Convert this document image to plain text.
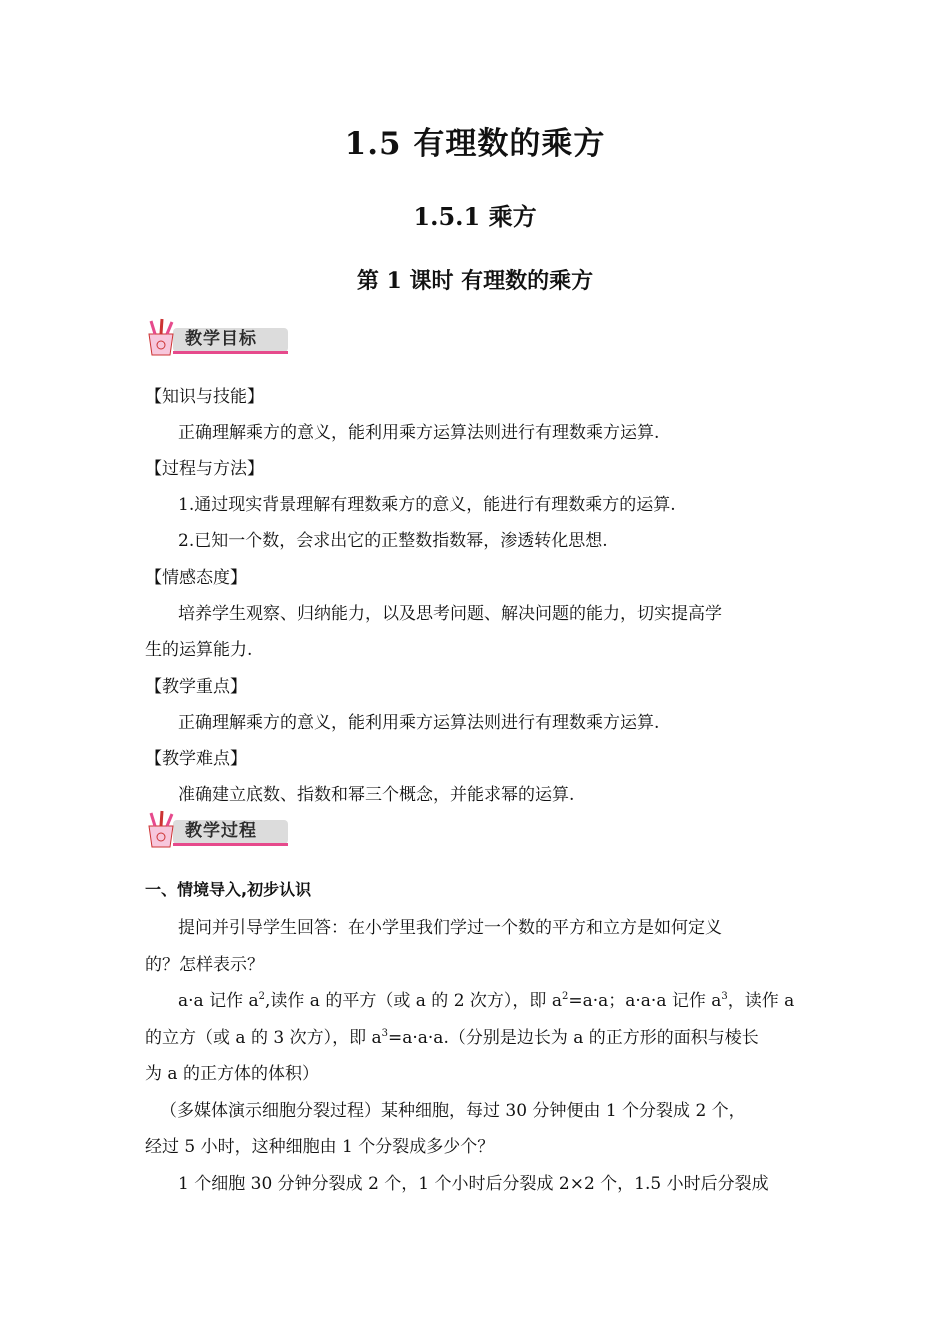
1.5 有理数的乘方
1.5.1 乘方
第 1 课时 有理数的乘方
教学目标
【知识与技能】
正确理解乘方的意义，能利用乘方运算法则进行有理数乘方运算.
【过程与方法】
1.通过现实背景理解有理数乘方的意义，能进行有理数乘方的运算.
2.已知一个数，会求出它的正整数指数幂，渗透转化思想.
【情感态度】
培养学生观察、归纳能力，以及思考问题、解决问题的能力，切实提高学
生的运算能力.
【教学重点】
正确理解乘方的意义，能利用乘方运算法则进行有理数乘方运算.
【教学难点】
准确建立底数、指数和幂三个概念，并能求幂的运算.
教学过程
一、情境导入,初步认识
提问并引导学生回答：在小学里我们学过一个数的平方和立方是如何定义
的？怎样表示？
a·a 记作 $a^2$,读作 a 的平方（或 a 的 2 次方），即 $a^2=a\cdot a$；a·a·a 记作 $a^3$，读作 a
的立方（或 a 的 3 次方），即 $a^3=a\cdot a\cdot a$.（分别是边长为 a 的正方形的面积与棱长
为 a 的正方体的体积）
（多媒体演示细胞分裂过程）某种细胞，每过 30 分钟便由 1 个分裂成 2 个，
经过 5 小时，这种细胞由 1 个分裂成多少个？
1 个细胞 30 分钟分裂成 2 个，1 个小时后分裂成 2×2 个，1.5 小时后分裂成
